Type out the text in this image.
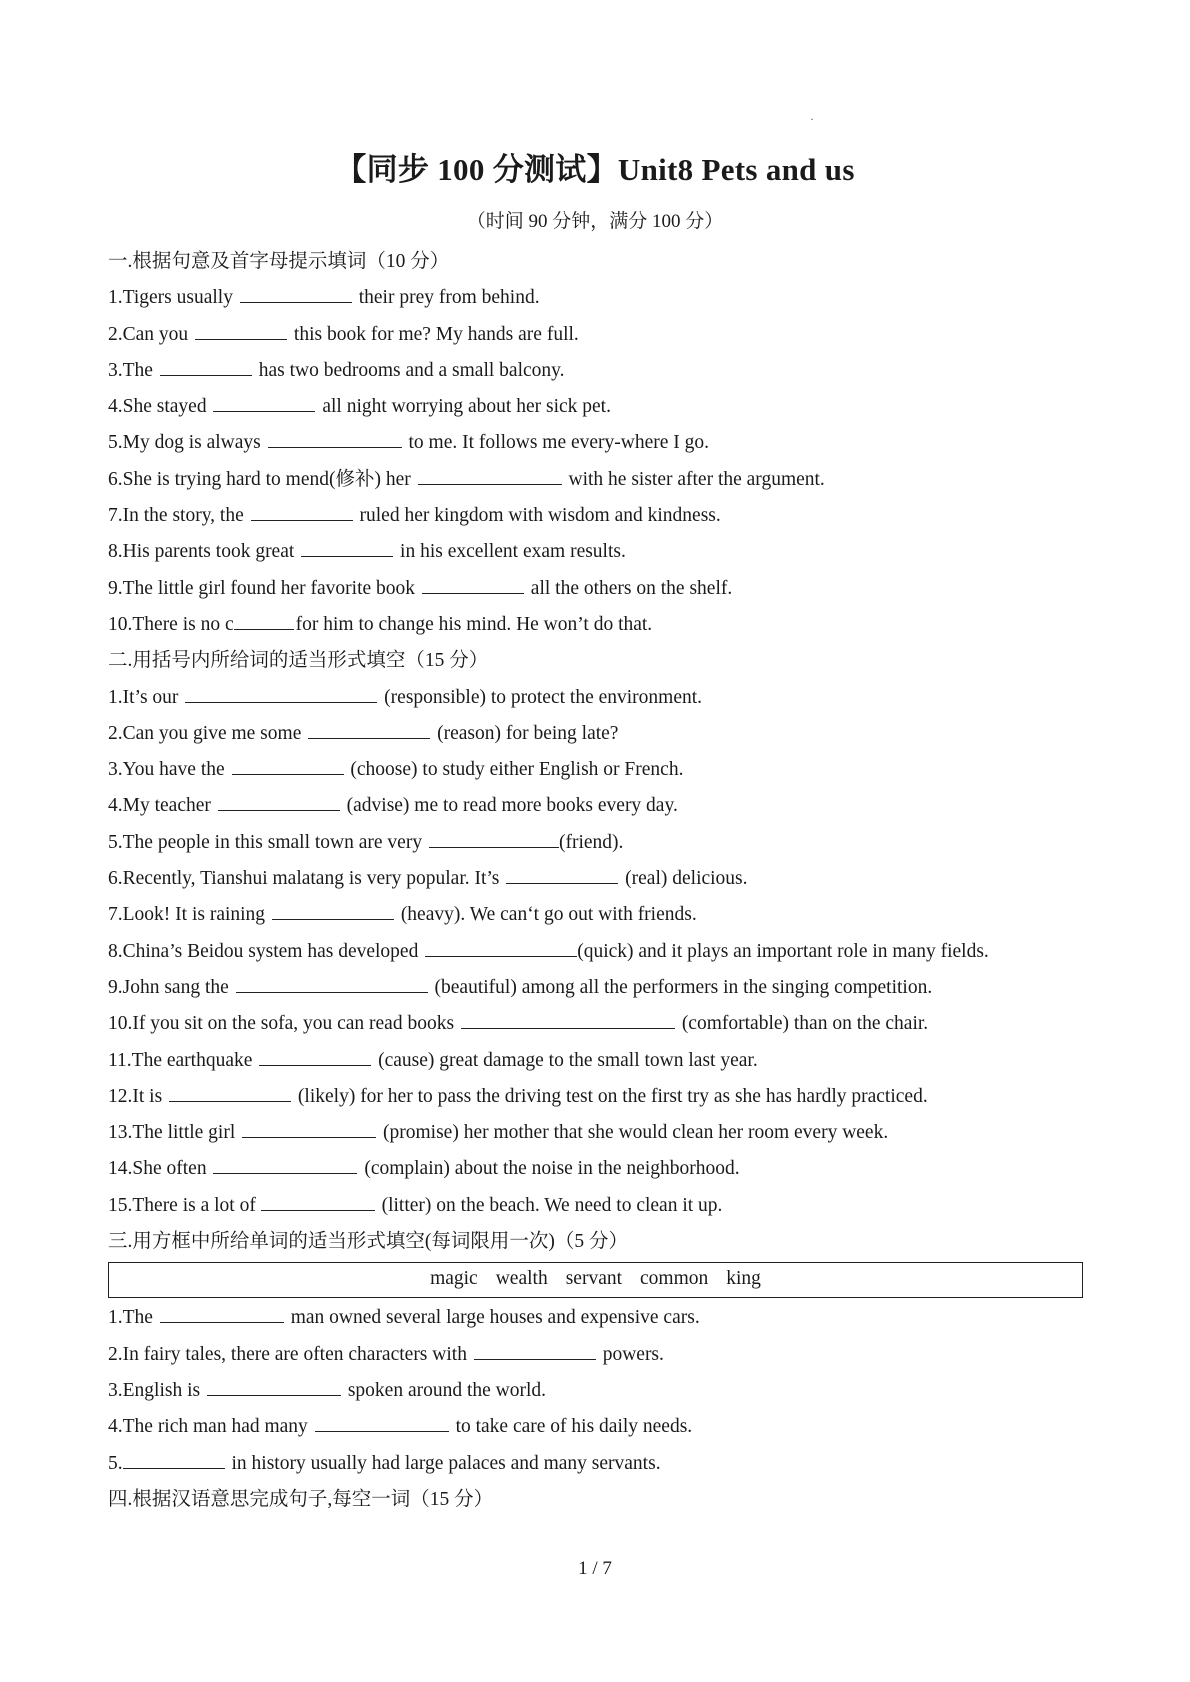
·
【同步 100 分测试】Unit8 Pets and us
（时间 90 分钟，满分 100 分）
一.根据句意及首字母提示填词（10 分）
1.Tigers usually	their prey from behind.
2.Can you	this book for me? My hands are full.
3.The	has two bedrooms and a small balcony.
4.She stayed	all night worrying about her sick pet.
5.My dog is always	to me. It follows me every-where I go.
6.She is trying hard to mend(修补) her	with he sister after the argument.
7.In the story, the	ruled her kingdom with wisdom and kindness.
8.His parents took great	in his excellent exam results.
9.The little girl found her favorite book	all the others on the shelf.
10.There is no c	for him to change his mind. He won’t do that.
二.用括号内所给词的适当形式填空（15 分）
1.It’s our	(responsible) to protect the environment.
2.Can you give me some	(reason) for being late?
3.You have the	(choose) to study either English or French.
4.My teacher	(advise) me to read more books every day.
5.The people in this small town are very	(friend).
6.Recently, Tianshui malatang is very popular. It’s	(real) delicious.
7.Look! It is raining	(heavy). We can‘t go out with friends.
8.China’s Beidou system has developed	(quick) and it plays an important role in many fields.
9.John sang the	(beautiful) among all the performers in the singing competition.
10.If you sit on the sofa, you can read books	(comfortable) than on the chair.
11.The earthquake	(cause) great damage to the small town last year.
12.It is	(likely) for her to pass the driving test on the first try as she has hardly practiced.
13.The little girl	(promise) her mother that she would clean her room every week.
14.She often	(complain) about the noise in the neighborhood.
15.There is a lot of	(litter) on the beach. We need to clean it up.
三.用方框中所给单词的适当形式填空(每词限用一次)（5 分）
magic wealth servant common king
1.The	man owned several large houses and expensive cars.
2.In fairy tales, there are often characters with	powers.
3.English is	spoken around the world.
4.The rich man had many	to take care of his daily needs.
5.	in history usually had large palaces and many servants.
四.根据汉语意思完成句子,每空一词（15 分）
1 / 7
